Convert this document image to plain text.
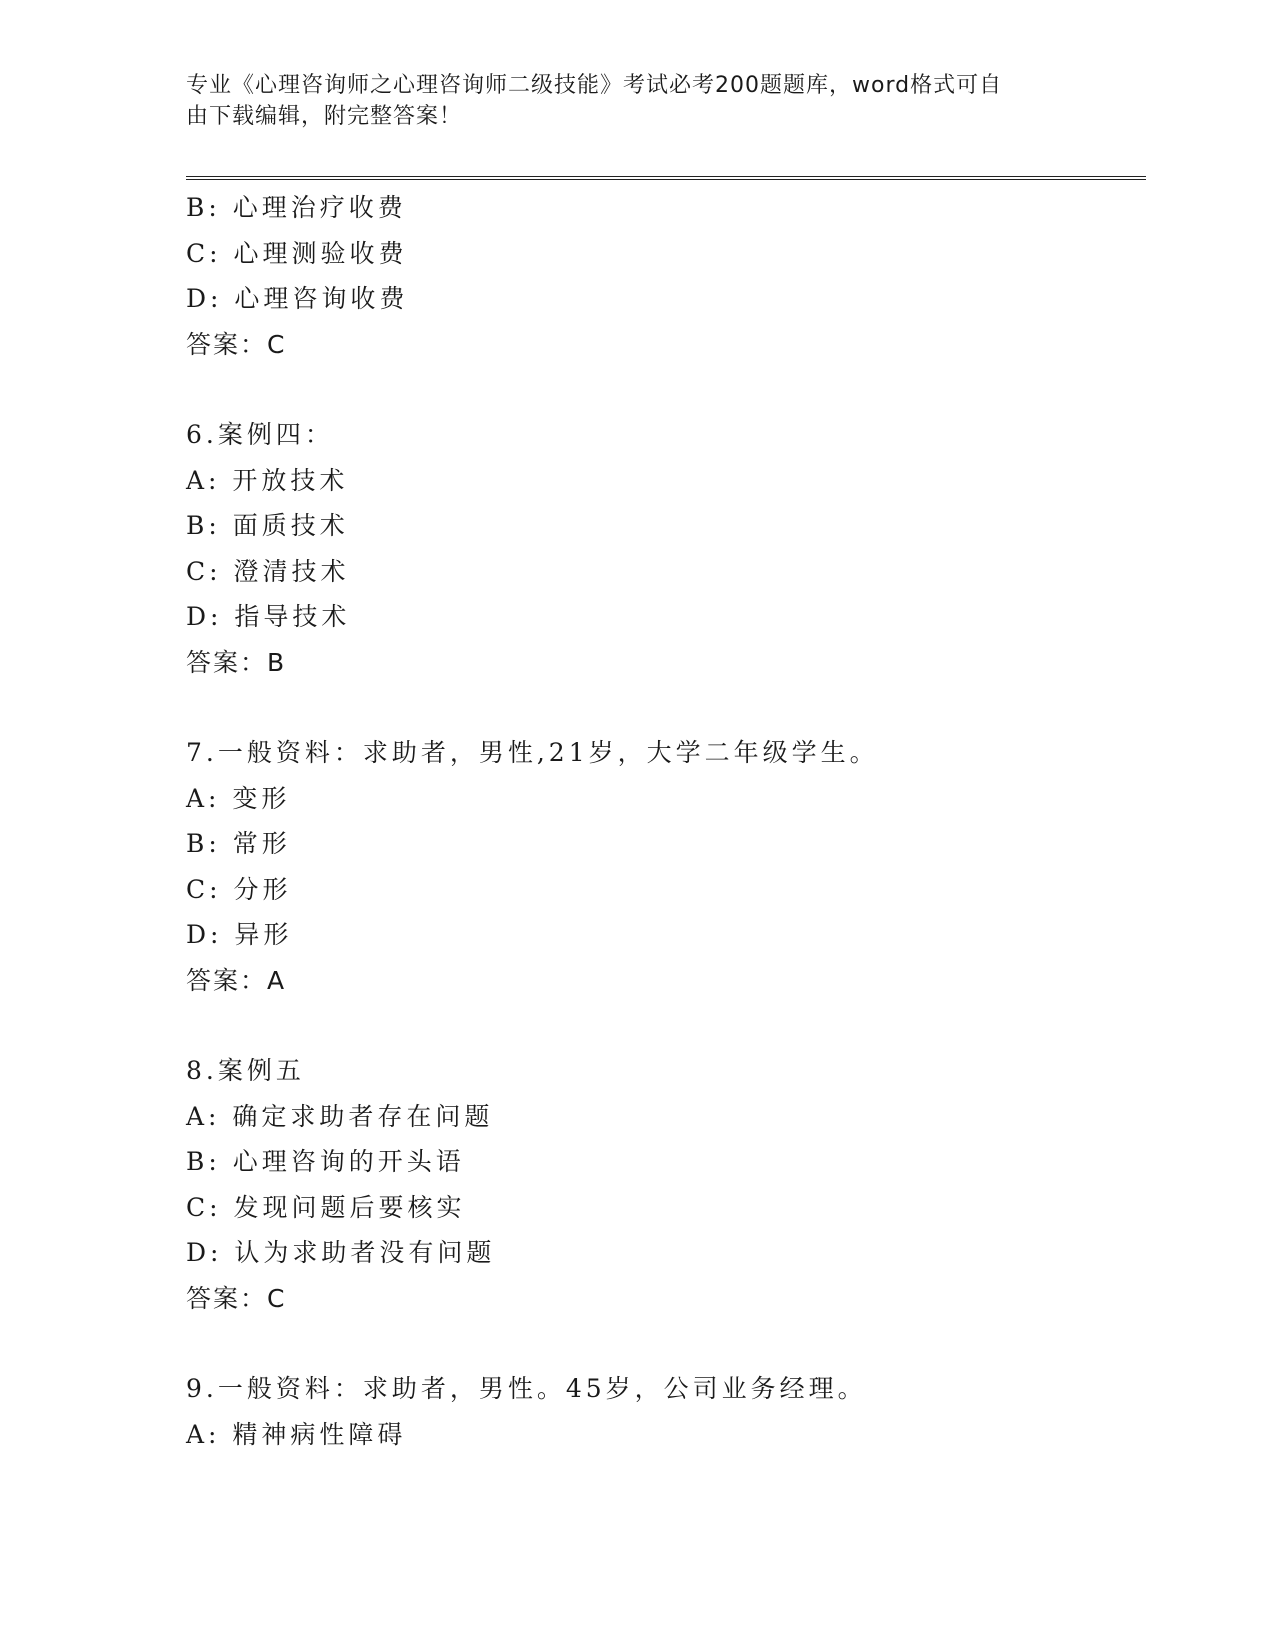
专业《心理咨询师之心理咨询师二级技能》考试必考200题题库，word格式可自
由下载编辑，附完整答案！
B: 心理治疗收费
C: 心理测验收费
D: 心理咨询收费
答案：C
6.案例四：
A: 开放技术
B: 面质技术
C: 澄清技术
D: 指导技术
答案：B
7.一般资料：求助者，男性,21岁，大学二年级学生。
A: 变形
B: 常形
C: 分形
D: 异形
答案：A
8.案例五
A: 确定求助者存在问题
B: 心理咨询的开头语
C: 发现问题后要核实
D: 认为求助者没有问题
答案：C
9.一般资料：求助者，男性。45岁，公司业务经理。
A: 精神病性障碍
